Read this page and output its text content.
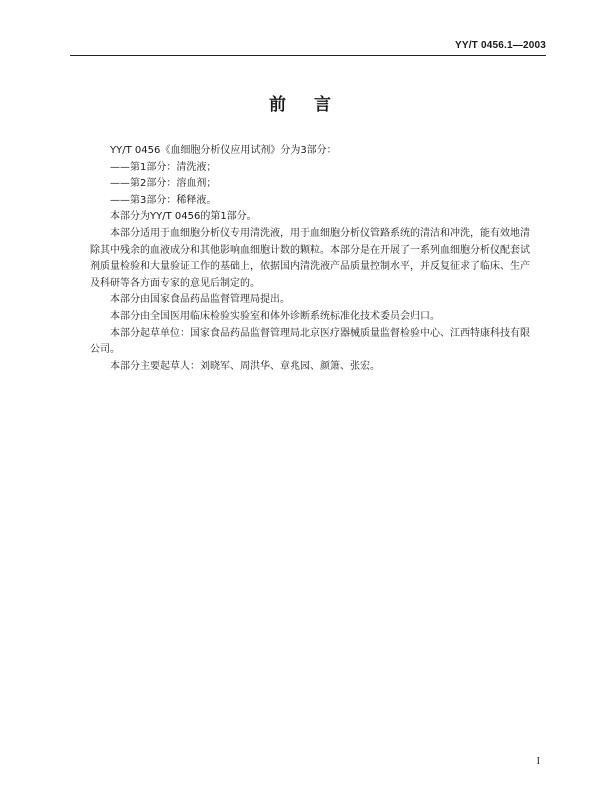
YY/T 0456.1—2003
前言

YY/T 0456《血细胞分析仪应用试剂》分为3部分：

——第1部分：清洗液；

——第2部分：溶血剂；

——第3部分：稀释液。

本部分为YY/T 0456的第1部分。

本部分适用于血细胞分析仪专用清洗液，用于血细胞分析仪管路系统的清洁和冲洗，能有效地清除其中残余的血液成分和其他影响血细胞计数的颗粒。本部分是在开展了一系列血细胞分析仪配套试剂质量检验和大量验证工作的基础上，依据国内清洗液产品质量控制水平，并反复征求了临床、生产及科研等各方面专家的意见后制定的。

本部分由国家食品药品监督管理局提出。

本部分由全国医用临床检验实验室和体外诊断系统标准化技术委员会归口。

本部分起草单位：国家食品药品监督管理局北京医疗器械质量监督检验中心、江西特康科技有限公司。

本部分主要起草人：刘晓军、周洪华、章兆园、颜箫、张宏。

I
